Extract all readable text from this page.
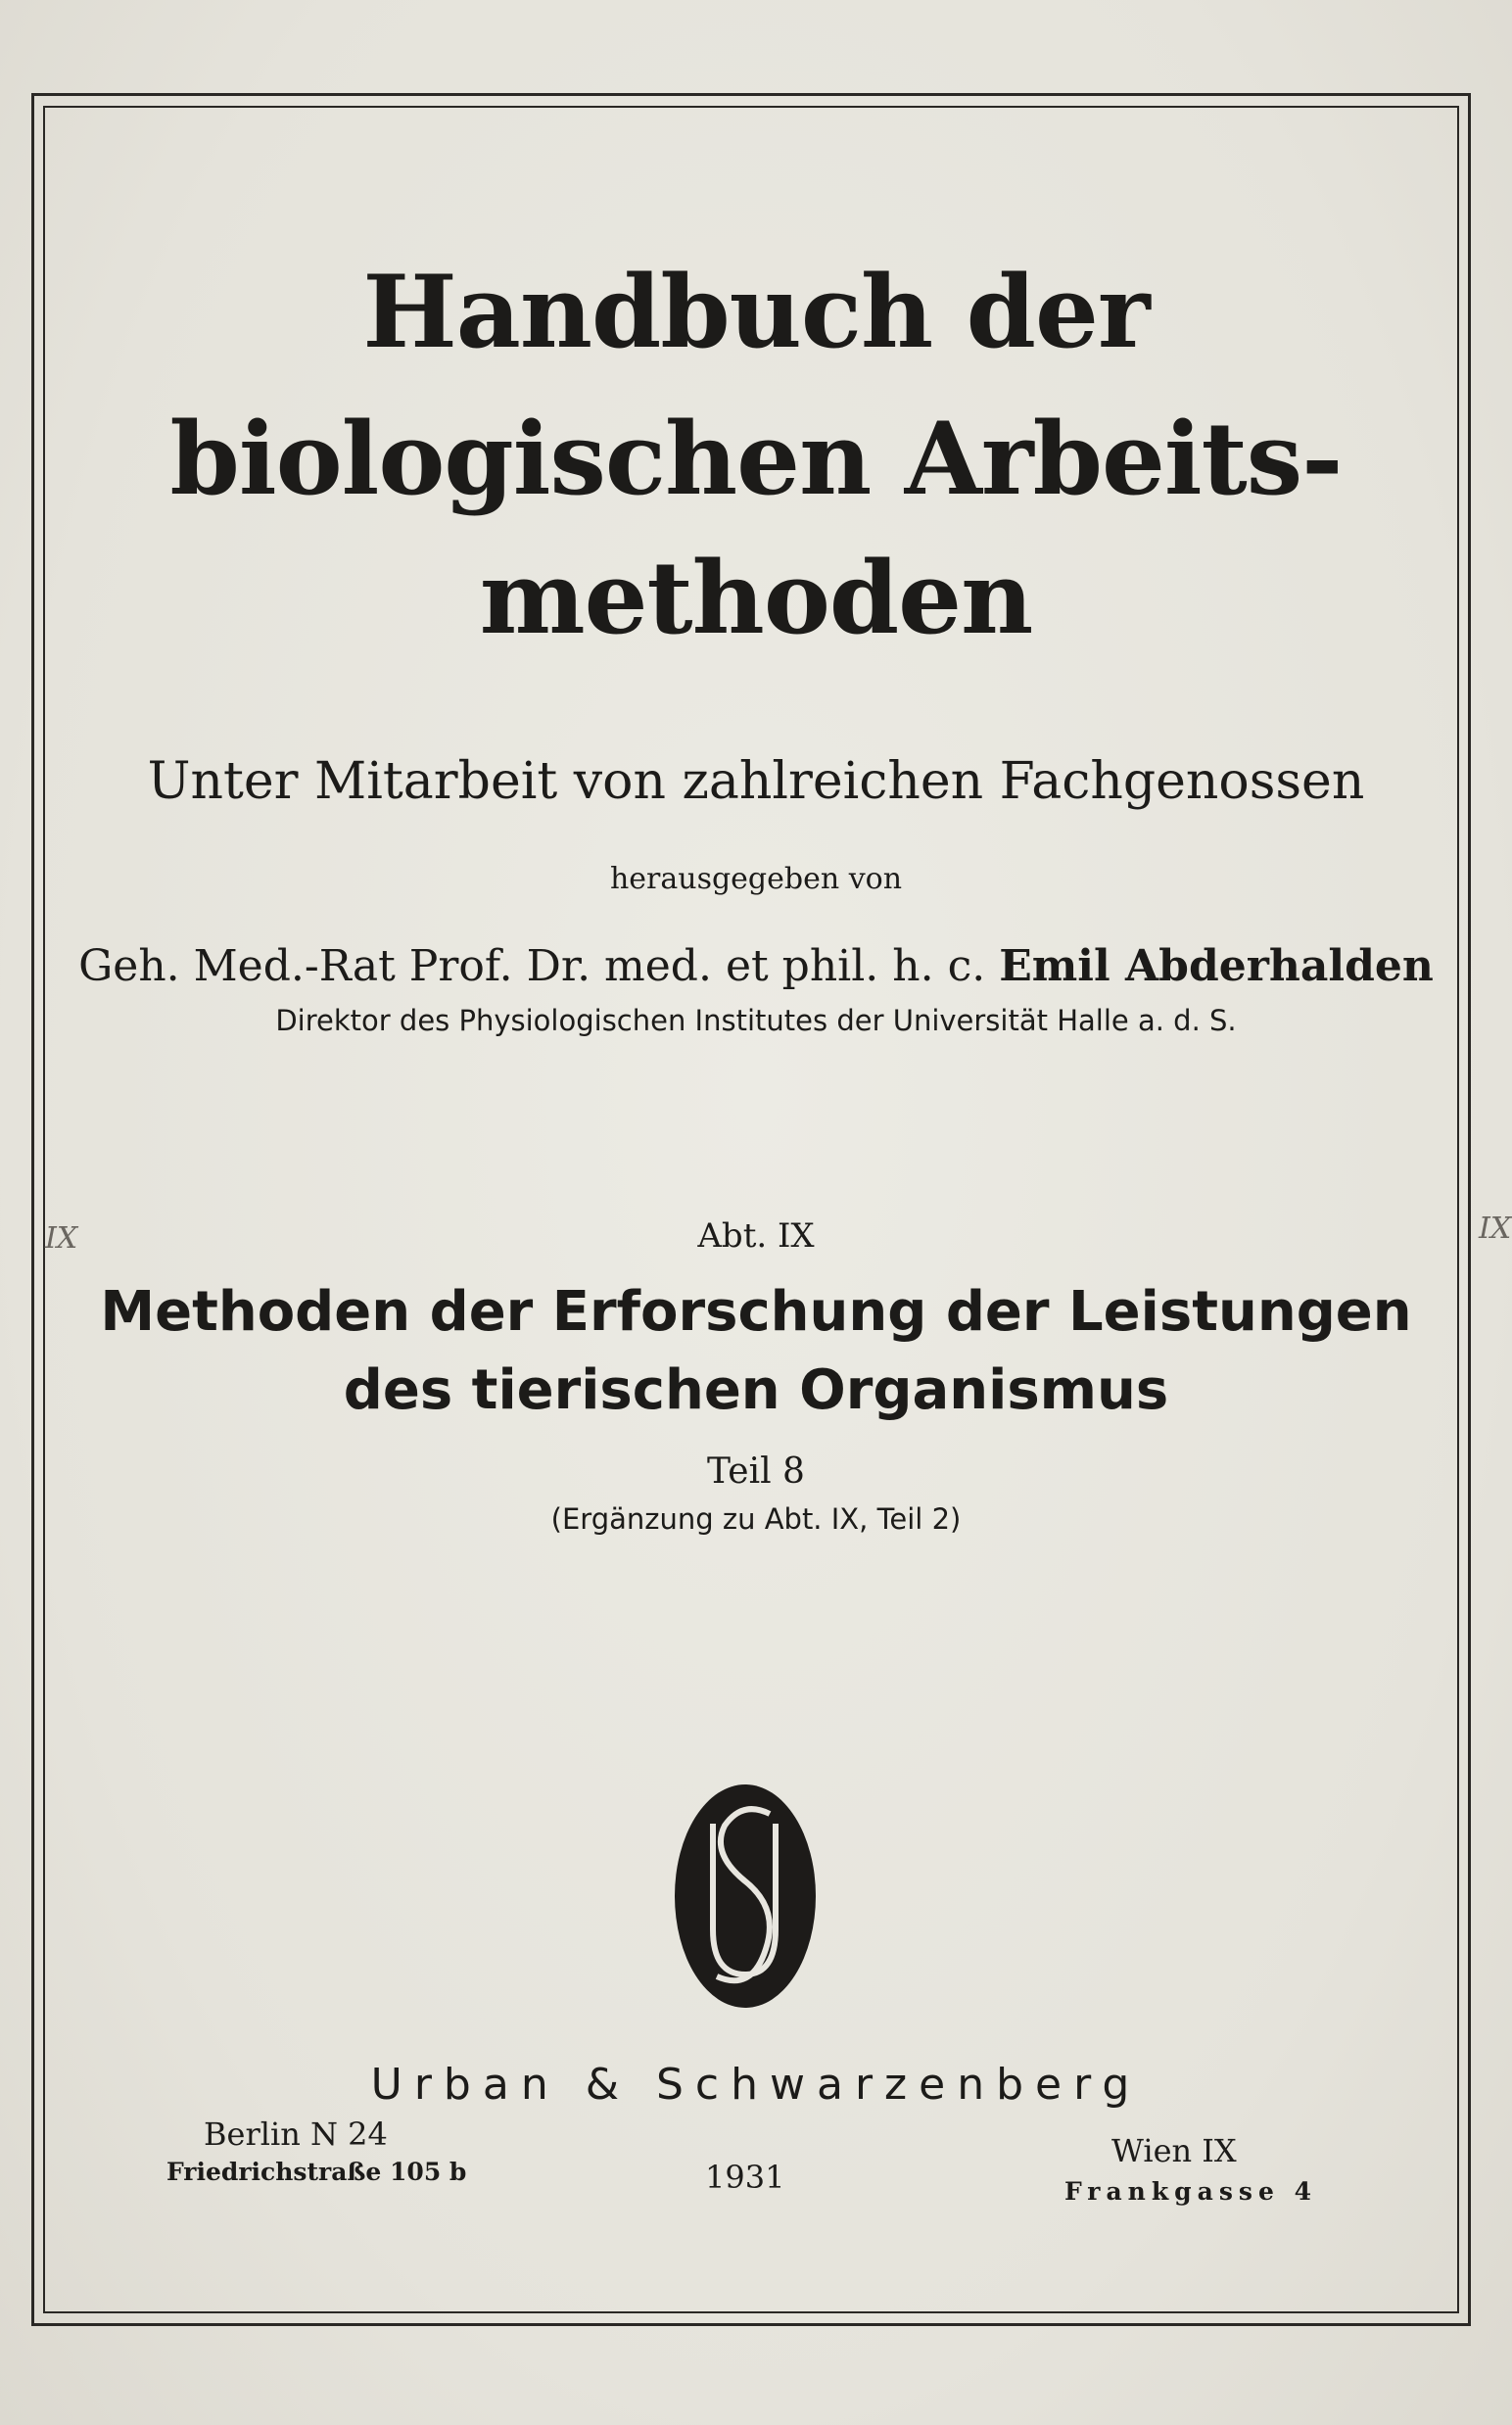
IX	IX
Handbuch der
biologischen Arbeits-
methoden
Unter Mitarbeit von zahlreichen Fachgenossen
herausgegeben von
Geh. Med.-Rat Prof. Dr. med. et phil. h. c. Emil Abderhalden
Direktor des Physiologischen Institutes der Universität Halle a. d. S.
Abt. IX
Methoden der Erforschung der Leistungen
des tierischen Organismus
Teil 8
(Ergänzung zu Abt. IX, Teil 2)
Urban & Schwarzenberg
Berlin N 24
Friedrichstraße 105 b	1931
Wien IX
Frankgasse 4
